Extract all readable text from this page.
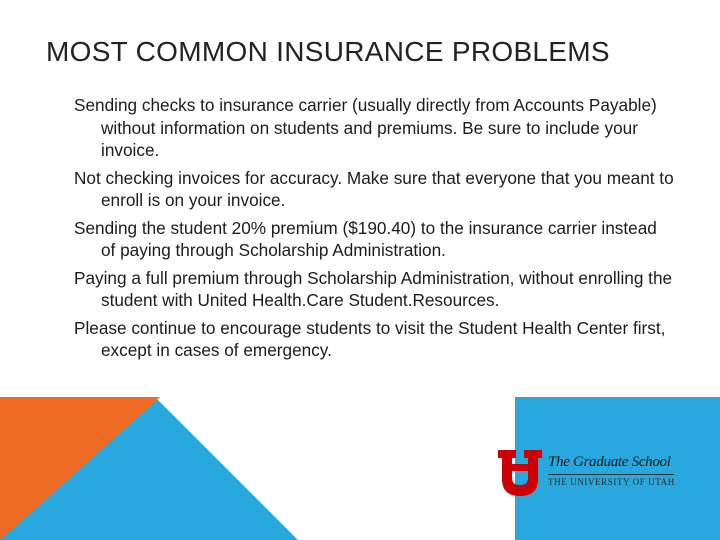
MOST COMMON INSURANCE PROBLEMS
Sending checks to insurance carrier (usually directly from Accounts Payable) without information on students and premiums. Be sure to include your invoice.
Not checking invoices for accuracy. Make sure that everyone that you meant to enroll is on your invoice.
Sending the student 20% premium ($190.40) to the insurance carrier instead of paying through Scholarship Administration.
Paying a full premium through Scholarship Administration, without enrolling the student with United Health.Care Student.Resources.
Please continue to encourage students to visit the Student Health Center first, except in cases of emergency.
The Graduate School
THE UNIVERSITY OF UTAH
